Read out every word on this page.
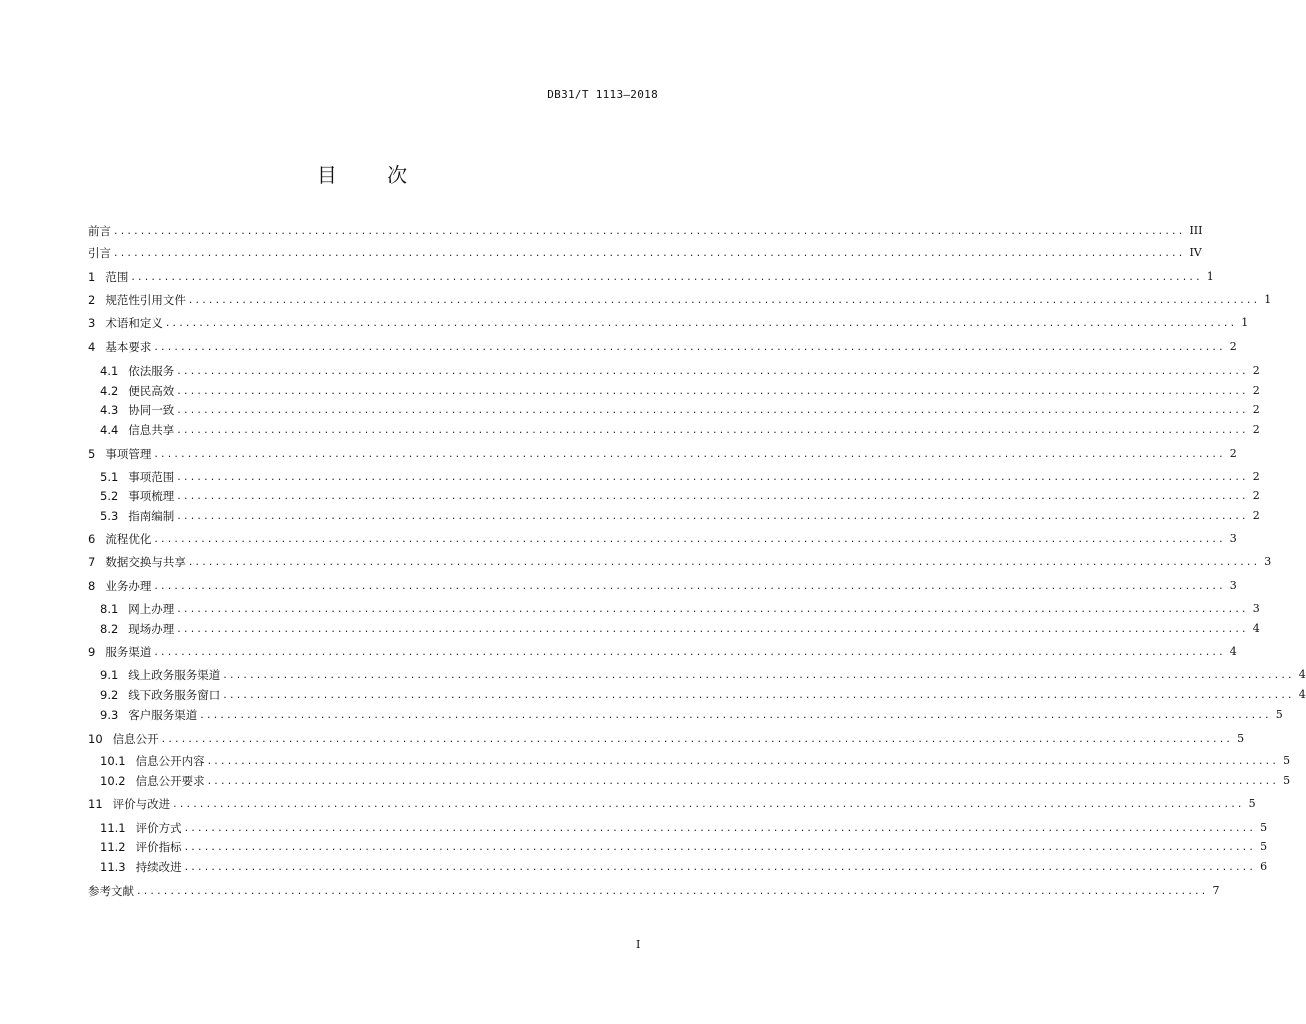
DB31/T 1113—2018
目 次
前言 ................................................................................................................................................................ III
引言 ................................................................................................................................................................ IV
1 范围 ................................................................................................................................................................ 1
2 规范性引用文件 ................................................................................................................................................................ 1
3 术语和定义 ................................................................................................................................................................ 1
4 基本要求 ................................................................................................................................................................ 2
4.1 依法服务 ................................................................................................................................................................ 2
4.2 便民高效 ................................................................................................................................................................ 2
4.3 协同一致 ................................................................................................................................................................ 2
4.4 信息共享 ................................................................................................................................................................ 2
5 事项管理 ................................................................................................................................................................ 2
5.1 事项范围 ................................................................................................................................................................ 2
5.2 事项梳理 ................................................................................................................................................................ 2
5.3 指南编制 ................................................................................................................................................................ 2
6 流程优化 ................................................................................................................................................................ 3
7 数据交换与共享 ................................................................................................................................................................ 3
8 业务办理 ................................................................................................................................................................ 3
8.1 网上办理 ................................................................................................................................................................ 3
8.2 现场办理 ................................................................................................................................................................ 4
9 服务渠道 ................................................................................................................................................................ 4
9.1 线上政务服务渠道 ................................................................................................................................................................ 4
9.2 线下政务服务窗口 ................................................................................................................................................................ 4
9.3 客户服务渠道 ................................................................................................................................................................ 5
10 信息公开 ................................................................................................................................................................ 5
10.1 信息公开内容 ................................................................................................................................................................ 5
10.2 信息公开要求 ................................................................................................................................................................ 5
11 评价与改进 ................................................................................................................................................................ 5
11.1 评价方式 ................................................................................................................................................................ 5
11.2 评价指标 ................................................................................................................................................................ 5
11.3 持续改进 ................................................................................................................................................................ 6
参考文献 ................................................................................................................................................................ 7
I
